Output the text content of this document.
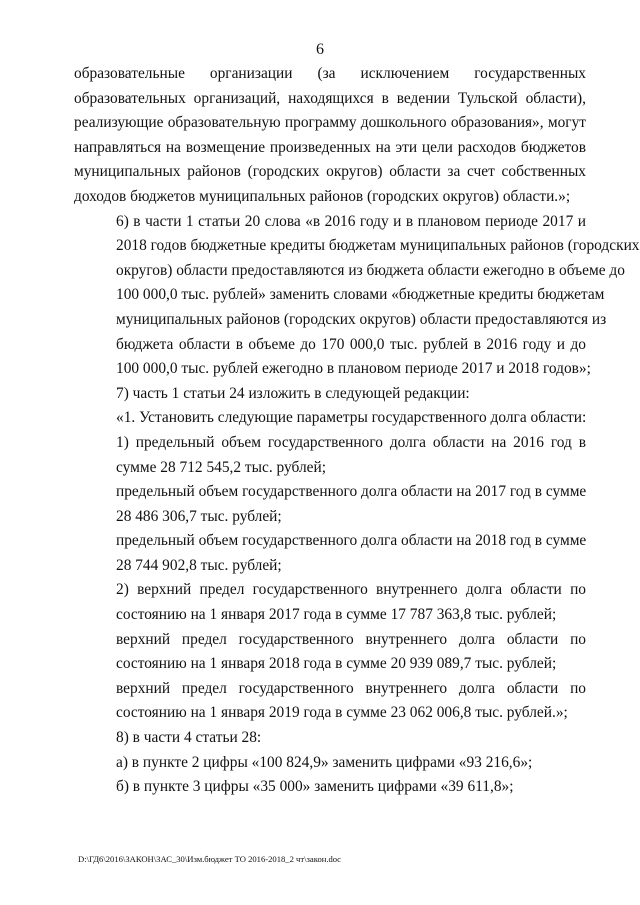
6

образовательные организации (за исключением государственных
образовательных организаций, находящихся в ведении Тульской области),
реализующие образовательную программу дошкольного образования», могут
направляться на возмещение произведенных на эти цели расходов бюджетов
муниципальных районов (городских округов) области за счет собственных
доходов бюджетов муниципальных районов (городских округов) области.»;

6) в части 1 статьи 20 слова «в 2016 году и в плановом периоде 2017 и
2018 годов бюджетные кредиты бюджетам муниципальных районов (городских
округов) области предоставляются из бюджета области ежегодно в объеме до
100 000,0 тыс. рублей» заменить словами «бюджетные кредиты бюджетам
муниципальных районов (городских округов) области предоставляются из
бюджета области в объеме до 170 000,0 тыс. рублей в 2016 году и до
100 000,0 тыс. рублей ежегодно в плановом периоде 2017 и 2018 годов»;

7) часть 1 статьи 24 изложить в следующей редакции:

«1. Установить следующие параметры государственного долга области:

1) предельный объем государственного долга области на 2016 год в
сумме 28 712 545,2 тыс. рублей;

предельный объем государственного долга области на 2017 год в сумме
28 486 306,7 тыс. рублей;

предельный объем государственного долга области на 2018 год в сумме
28 744 902,8 тыс. рублей;

2) верхний предел государственного внутреннего долга области по
состоянию на 1 января 2017 года в сумме 17 787 363,8 тыс. рублей;

верхний предел государственного внутреннего долга области по
состоянию на 1 января 2018 года в сумме 20 939 089,7 тыс. рублей;

верхний предел государственного внутреннего долга области по
состоянию на 1 января 2019 года в сумме 23 062 006,8 тыс. рублей.»;

8) в части 4 статьи 28:

а) в пункте 2 цифры «100 824,9» заменить цифрами «93 216,6»;

б) в пункте 3 цифры «35 000» заменить цифрами «39 611,8»;

D:\ГД6\2016\ЗАКОН\ЗАС_30\Изм.бюджет ТО 2016-2018_2 чт\закон.doc
